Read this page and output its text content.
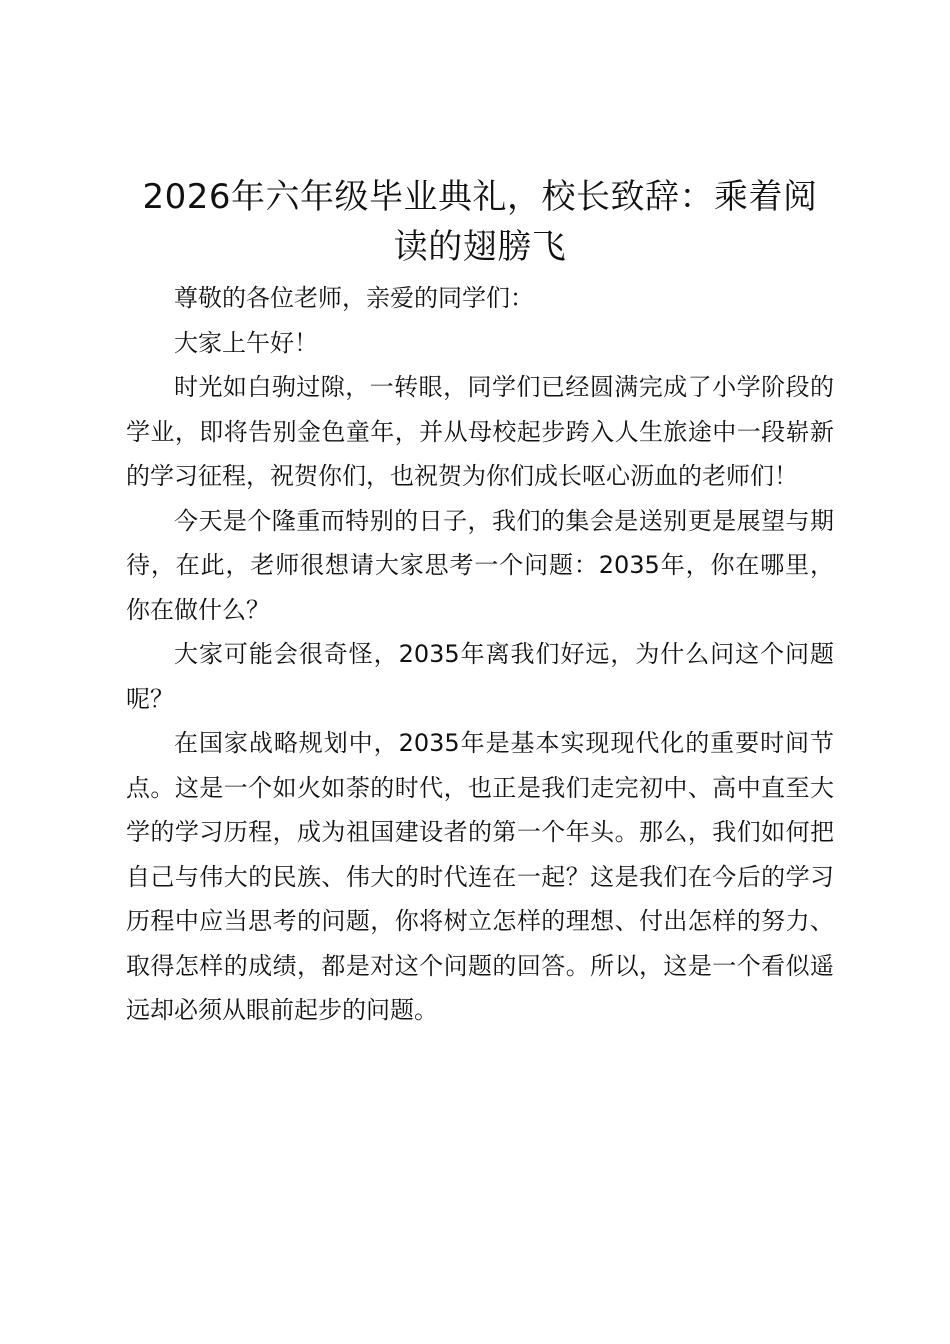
2026年六年级毕业典礼，校长致辞：乘着阅读的翅膀飞

尊敬的各位老师，亲爱的同学们：

大家上午好！

时光如白驹过隙，一转眼，同学们已经圆满完成了小学阶段的学业，即将告别金色童年，并从母校起步跨入人生旅途中一段崭新的学习征程，祝贺你们，也祝贺为你们成长呕心沥血的老师们！

今天是个隆重而特别的日子，我们的集会是送别更是展望与期待，在此，老师很想请大家思考一个问题：2035年，你在哪里，你在做什么？

大家可能会很奇怪，2035年离我们好远，为什么问这个问题呢？

在国家战略规划中，2035年是基本实现现代化的重要时间节点。这是一个如火如荼的时代，也正是我们走完初中、高中直至大学的学习历程，成为祖国建设者的第一个年头。那么，我们如何把自己与伟大的民族、伟大的时代连在一起？这是我们在今后的学习历程中应当思考的问题，你将树立怎样的理想、付出怎样的努力、取得怎样的成绩，都是对这个问题的回答。所以，这是一个看似遥远却必须从眼前起步的问题。
